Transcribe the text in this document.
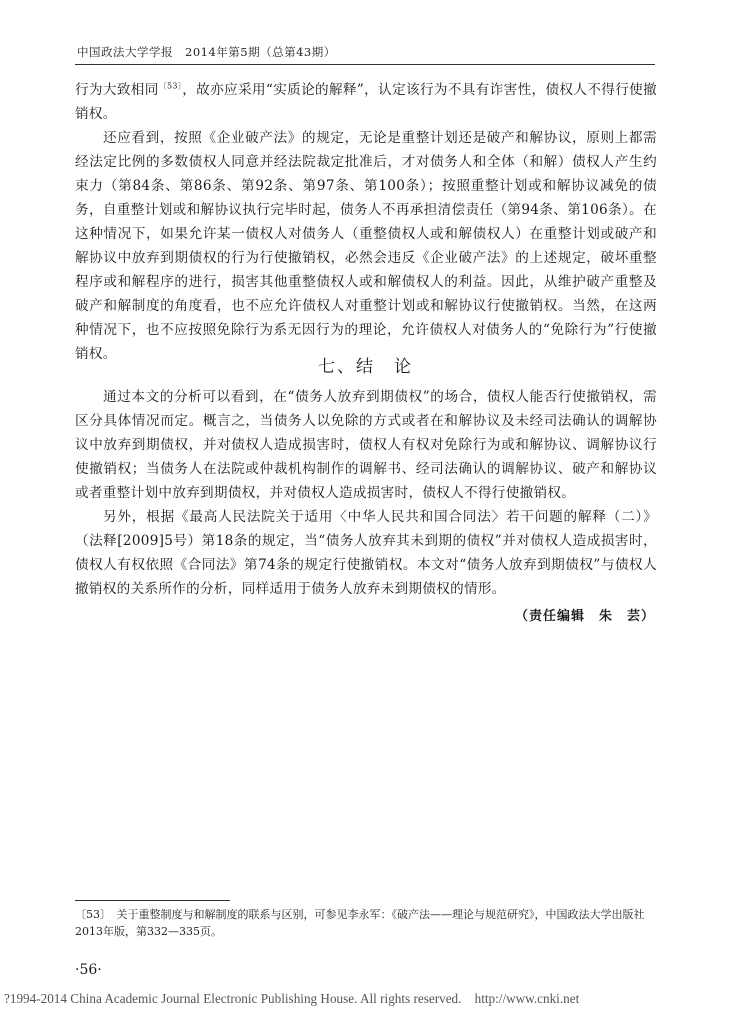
中国政法大学学报　2014年第5期（总第43期）

行为大致相同$^{〔53〕}$，故亦应采用“实质论的解释”，认定该行为不具有诈害性，债权人不得行使撤销权。

还应看到，按照《企业破产法》的规定，无论是重整计划还是破产和解协议，原则上都需经法定比例的多数债权人同意并经法院裁定批准后，才对债务人和全体（和解）债权人产生约束力（第84条、第86条、第92条、第97条、第100条）；按照重整计划或和解协议减免的债务，自重整计划或和解协议执行完毕时起，债务人不再承担清偿责任（第94条、第106条）。在这种情况下，如果允许某一债权人对债务人（重整债权人或和解债权人）在重整计划或破产和解协议中放弃到期债权的行为行使撤销权，必然会违反《企业破产法》的上述规定，破坏重整程序或和解程序的进行，损害其他重整债权人或和解债权人的利益。因此，从维护破产重整及破产和解制度的角度看，也不应允许债权人对重整计划或和解协议行使撤销权。当然，在这两种情况下，也不应按照免除行为系无因行为的理论，允许债权人对债务人的“免除行为”行使撤销权。

七、结　论

通过本文的分析可以看到，在“债务人放弃到期债权”的场合，债权人能否行使撤销权，需区分具体情况而定。概言之，当债务人以免除的方式或者在和解协议及未经司法确认的调解协议中放弃到期债权，并对债权人造成损害时，债权人有权对免除行为或和解协议、调解协议行使撤销权；当债务人在法院或仲裁机构制作的调解书、经司法确认的调解协议、破产和解协议或者重整计划中放弃到期债权，并对债权人造成损害时，债权人不得行使撤销权。

另外，根据《最高人民法院关于适用〈中华人民共和国合同法〉若干问题的解释（二）》（法释[2009]5号）第18条的规定，当“债务人放弃其未到期的债权”并对债权人造成损害时，债权人有权依照《合同法》第74条的规定行使撤销权。本文对“债务人放弃到期债权”与债权人撤销权的关系所作的分析，同样适用于债务人放弃未到期债权的情形。

（责任编辑　朱　芸）
〔53〕　关于重整制度与和解制度的联系与区别，可参见李永军：《破产法——理论与规范研究》，中国政法大学出版社2013年版，第332—335页。
·56·
?1994-2014 China Academic Journal Electronic Publishing House. All rights reserved.　http://www.cnki.net
